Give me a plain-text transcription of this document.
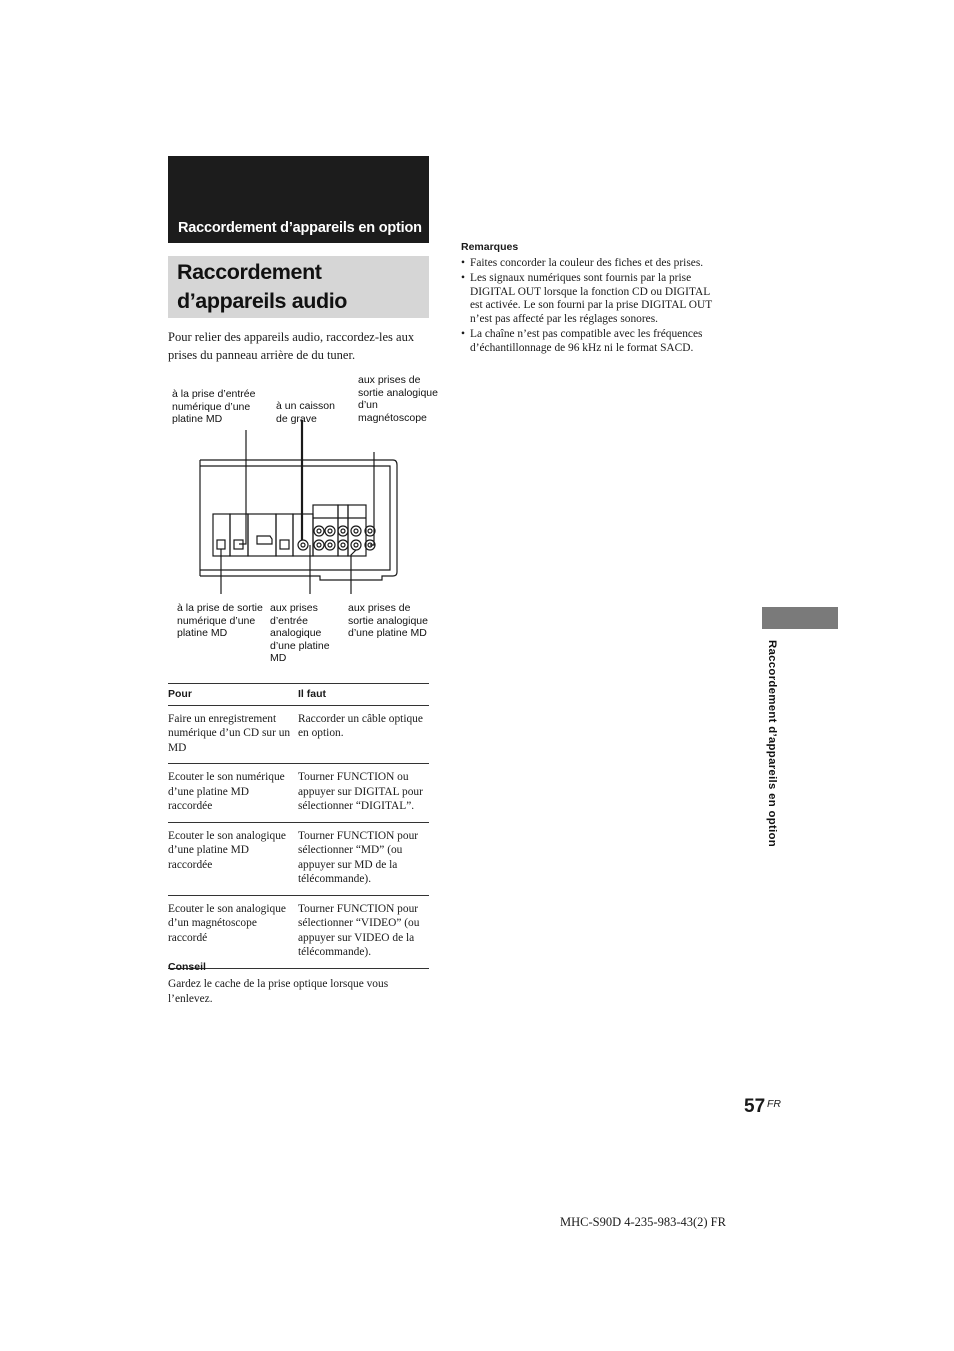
Raccordement d’appareils en option
Raccordement d’appareils audio
Pour relier des appareils audio, raccordez-les aux prises du panneau arrière de du tuner.
à la prise d’entrée numérique d’une platine MD
à un caisson de grave
aux prises de sortie analogique d’un magnétoscope
à la prise de sortie numérique d’une platine MD
aux prises d’entrée analogique d’une platine MD
aux prises de sortie analogique d’une platine MD
Pour	Il faut
Faire un enregistrement numérique d’un CD sur un MD	Raccorder un câble optique en option.
Ecouter le son numérique d’une platine MD raccordée	Tourner FUNCTION ou appuyer sur DIGITAL pour sélectionner “DIGITAL”.
Ecouter le son analogique d’une platine MD raccordée	Tourner FUNCTION pour sélectionner “MD” (ou appuyer sur MD de la télécommande).
Ecouter le son analogique d’un magnétoscope raccordé	Tourner FUNCTION pour sélectionner “VIDEO” (ou appuyer sur VIDEO de la télécommande).
Conseil
Gardez le cache de la prise optique lorsque vous l’enlevez.
Remarques
• Faites concorder la couleur des fiches et des prises.
• Les signaux numériques sont fournis par la prise DIGITAL OUT lorsque la fonction CD ou DIGITAL est activée. Le son fourni par la prise DIGITAL OUT n’est pas affecté par les réglages sonores.
• La chaîne n’est pas compatible avec les fréquences d’échantillonnage de 96 kHz ni le format SACD.
Raccordement d’appareils en option
57 FR
MHC-S90D 4-235-983-43(2) FR
